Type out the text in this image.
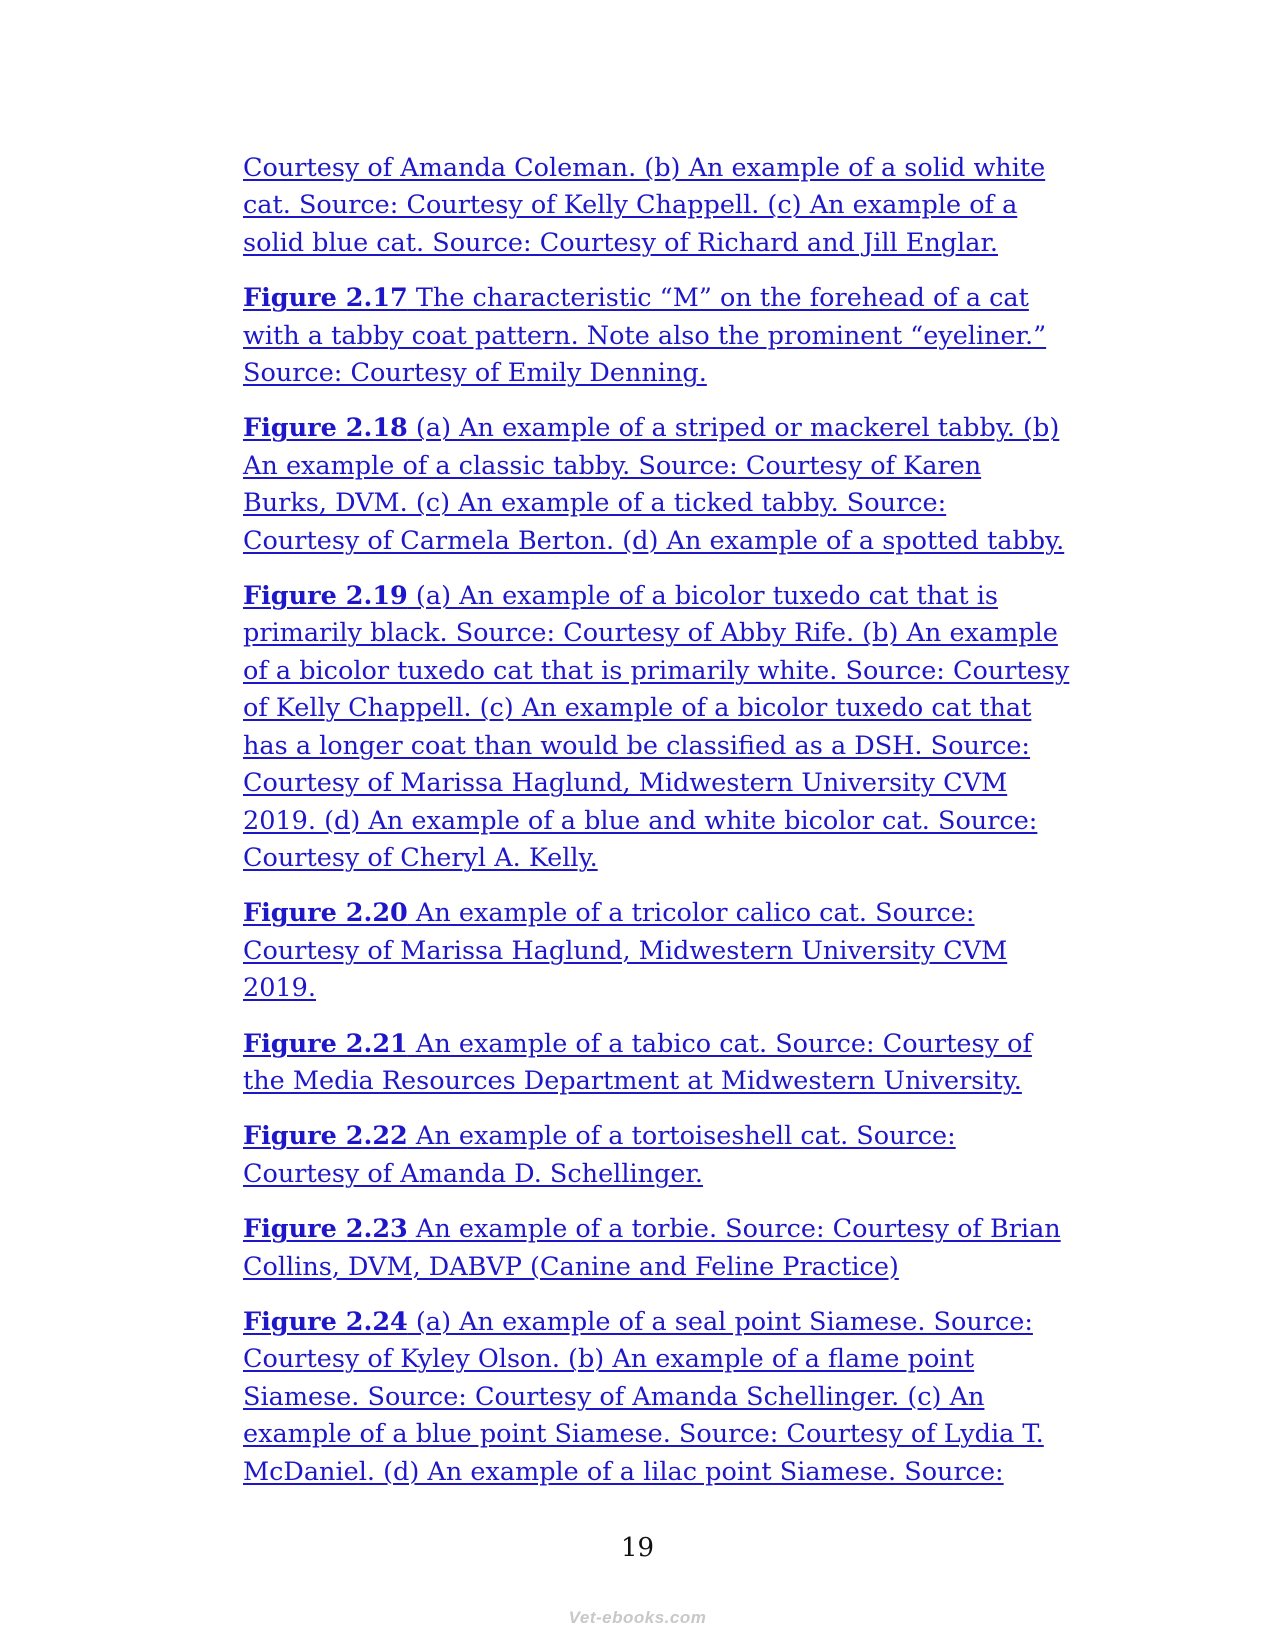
Courtesy of Amanda Coleman. (b) An example of a solid white
cat. Source: Courtesy of Kelly Chappell. (c) An example of a
solid blue cat. Source: Courtesy of Richard and Jill Englar.

Figure 2.17 The characteristic “M” on the forehead of a cat
with a tabby coat pattern. Note also the prominent “eyeliner.”
Source: Courtesy of Emily Denning.

Figure 2.18 (a) An example of a striped or mackerel tabby. (b)
An example of a classic tabby. Source: Courtesy of Karen
Burks, DVM. (c) An example of a ticked tabby. Source:
Courtesy of Carmela Berton. (d) An example of a spotted tabby.

Figure 2.19 (a) An example of a bicolor tuxedo cat that is
primarily black. Source: Courtesy of Abby Rife. (b) An example
of a bicolor tuxedo cat that is primarily white. Source: Courtesy
of Kelly Chappell. (c) An example of a bicolor tuxedo cat that
has a longer coat than would be classified as a DSH. Source:
Courtesy of Marissa Haglund, Midwestern University CVM
2019. (d) An example of a blue and white bicolor cat. Source:
Courtesy of Cheryl A. Kelly.

Figure 2.20 An example of a tricolor calico cat. Source:
Courtesy of Marissa Haglund, Midwestern University CVM
2019.

Figure 2.21 An example of a tabico cat. Source: Courtesy of
the Media Resources Department at Midwestern University.

Figure 2.22 An example of a tortoiseshell cat. Source:
Courtesy of Amanda D. Schellinger.

Figure 2.23 An example of a torbie. Source: Courtesy of Brian
Collins, DVM, DABVP (Canine and Feline Practice)

Figure 2.24 (a) An example of a seal point Siamese. Source:
Courtesy of Kyley Olson. (b) An example of a flame point
Siamese. Source: Courtesy of Amanda Schellinger. (c) An
example of a blue point Siamese. Source: Courtesy of Lydia T.
McDaniel. (d) An example of a lilac point Siamese. Source:

19
Vet-ebooks.com
